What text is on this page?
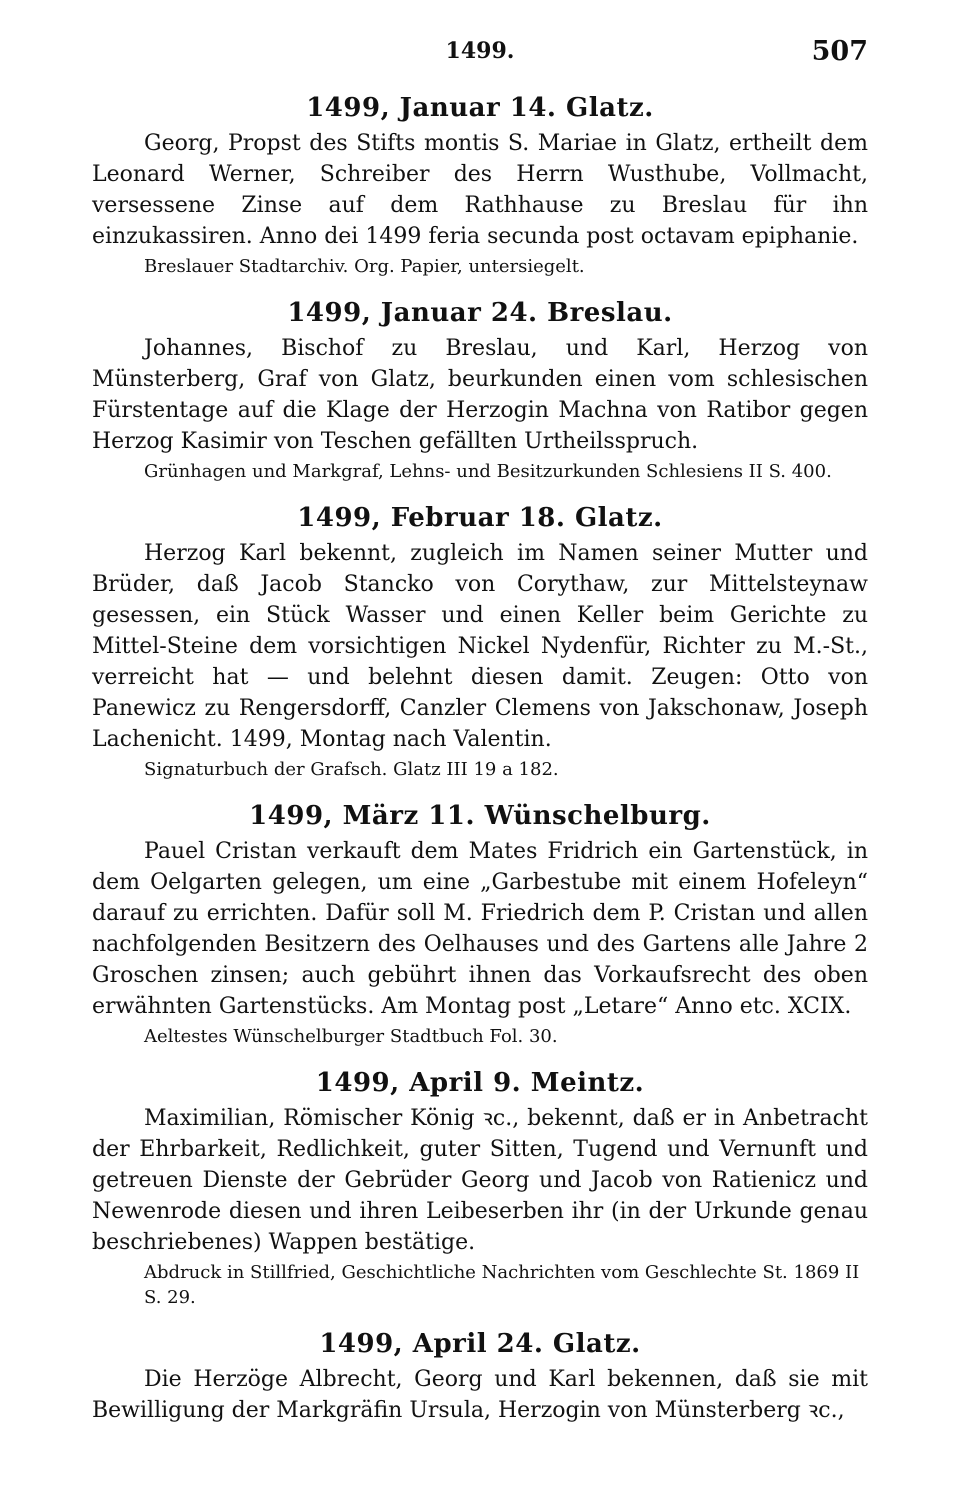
1499.	507
1499, Januar 14. Glatz.

Georg, Propst des Stifts montis S. Mariae in Glatz, ertheilt dem Leonard Werner, Schreiber des Herrn Wusthube, Vollmacht, versessene Zinse auf dem Rathhause zu Breslau für ihn einzukassiren. Anno dei 1499 feria secunda post octavam epiphanie.

Breslauer Stadtarchiv. Org. Papier, untersiegelt.
1499, Januar 24. Breslau.

Johannes, Bischof zu Breslau, und Karl, Herzog von Münsterberg, Graf von Glatz, beurkunden einen vom schlesischen Fürstentage auf die Klage der Herzogin Machna von Ratibor gegen Herzog Kasimir von Teschen gefällten Urtheilsspruch.

Grünhagen und Markgraf, Lehns- und Besitzurkunden Schlesiens II S. 400.
1499, Februar 18. Glatz.

Herzog Karl bekennt, zugleich im Namen seiner Mutter und Brüder, daß Jacob Stancko von Corythaw, zur Mittelsteynaw gesessen, ein Stück Wasser und einen Keller beim Gerichte zu Mittel-Steine dem vorsichtigen Nickel Nydenfür, Richter zu M.-St., verreicht hat — und belehnt diesen damit. Zeugen: Otto von Panewicz zu Rengersdorff, Canzler Clemens von Jakschonaw, Joseph Lachenicht. 1499, Montag nach Valentin.

Signaturbuch der Grafsch. Glatz III 19 a 182.
1499, März 11. Wünschelburg.

Pauel Cristan verkauft dem Mates Fridrich ein Gartenstück, in dem Oelgarten gelegen, um eine „Garbestube mit einem Hofeleyn“ darauf zu errichten. Dafür soll M. Friedrich dem P. Cristan und allen nachfolgenden Besitzern des Oelhauses und des Gartens alle Jahre 2 Groschen zinsen; auch gebührt ihnen das Vorkaufsrecht des oben erwähnten Gartenstücks. Am Montag post „Letare“ Anno etc. XCIX.

Aeltestes Wünschelburger Stadtbuch Fol. 30.
1499, April 9. Meintz.

Maximilian, Römischer König ꝛc., bekennt, daß er in Anbetracht der Ehrbarkeit, Redlichkeit, guter Sitten, Tugend und Vernunft und getreuen Dienste der Gebrüder Georg und Jacob von Ratienicz und Newenrode diesen und ihren Leibeserben ihr (in der Urkunde genau beschriebenes) Wappen bestätige.

Abdruck in Stillfried, Geschichtliche Nachrichten vom Geschlechte St. 1869 II S. 29.
1499, April 24. Glatz.

Die Herzöge Albrecht, Georg und Karl bekennen, daß sie mit Bewilligung der Markgräfin Ursula, Herzogin von Münsterberg ꝛc.,
